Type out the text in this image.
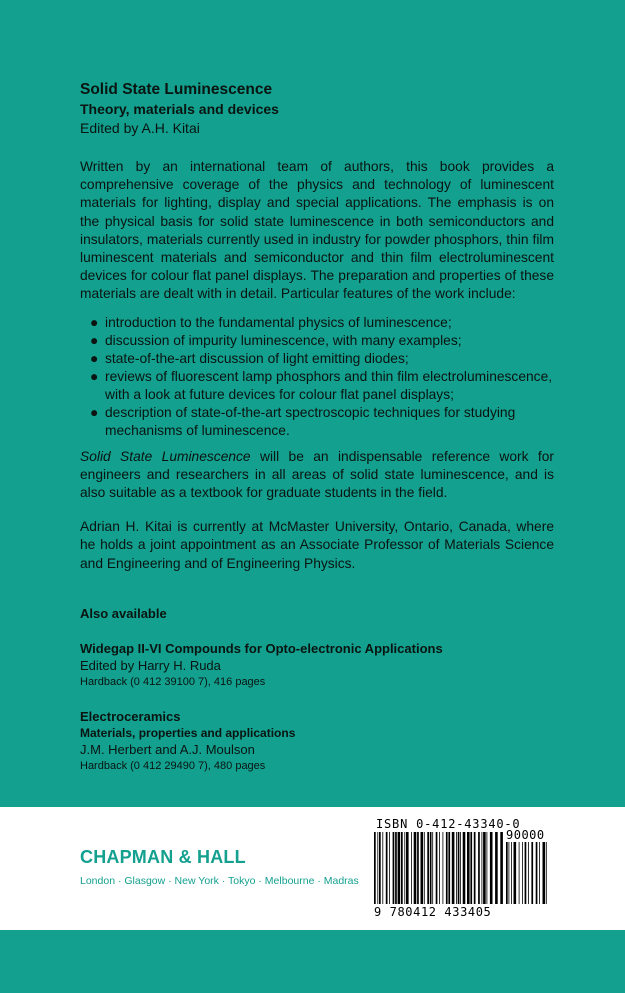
Solid State Luminescence
Theory, materials and devices
Edited by A.H. Kitai

Written by an international team of authors, this book provides a comprehensive coverage of the physics and technology of luminescent materials for lighting, display and special applications. The emphasis is on the physical basis for solid state luminescence in both semiconductors and insulators, materials currently used in industry for powder phosphors, thin film luminescent materials and semiconductor and thin film electroluminescent devices for colour flat panel displays. The preparation and properties of these materials are dealt with in detail. Particular features of the work include:

● introduction to the fundamental physics of luminescence;
● discussion of impurity luminescence, with many examples;
● state-of-the-art discussion of light emitting diodes;
● reviews of fluorescent lamp phosphors and thin film electroluminescence, with a look at future devices for colour flat panel displays;
● description of state-of-the-art spectroscopic techniques for studying mechanisms of luminescence.

Solid State Luminescence will be an indispensable reference work for engineers and researchers in all areas of solid state luminescence, and is also suitable as a textbook for graduate students in the field.

Adrian H. Kitai is currently at McMaster University, Ontario, Canada, where he holds a joint appointment as an Associate Professor of Materials Science and Engineering and of Engineering Physics.

Also available
Widegap II-VI Compounds for Opto-electronic Applications
Edited by Harry H. Ruda
Hardback (0 412 39100 7), 416 pages
Electroceramics
Materials, properties and applications
J.M. Herbert and A.J. Moulson
Hardback (0 412 29490 7), 480 pages
CHAPMAN & HALL
London · Glasgow · New York · Tokyo · Melbourne · Madras
ISBN 0-412-43340-0
90000
9 780412 433405
